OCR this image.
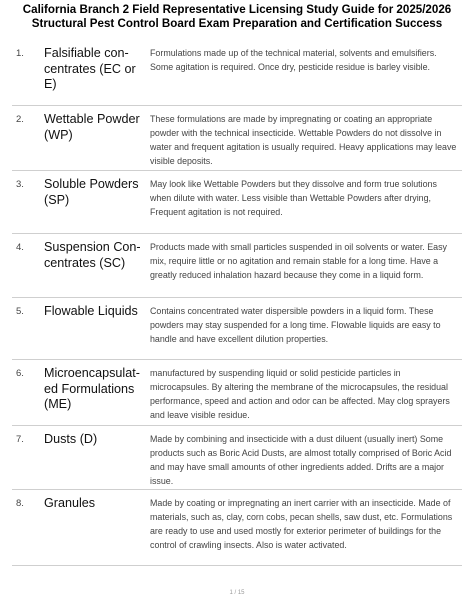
California Branch 2 Field Representative Licensing Study Guide for 2025/2026
Structural Pest Control Board Exam Preparation and Certification Success
1.	Falsifiable concentrates (EC or E)
Formulations made up of the technical material, solvents and emulsifiers. Some agitation is required. Once dry, pesticide residue is barley visible.
2.	Wettable Powder (WP)
These formulations are made by impregnating or coating an appropriate powder with the technical insecticide. Wettable Powders do not dissolve in water and frequent agitation is usually required. Heavy applications may leave visible deposits.
3.	Soluble Powders (SP)
May look like Wettable Powders but they dissolve and form true solutions when dilute with water. Less visible than Wettable Powders after drying, Frequent agitation is not required.
4.	Suspension Concentrates (SC)
Products made with small particles suspended in oil solvents or water. Easy mix, require little or no agitation and remain stable for a long time. Have a greatly reduced inhalation hazard because they come in a liquid form.
5.	Flowable Liquids	Contains concentrated water dispersible powders in a liquid form. These powders may stay suspended for a long time. Flowable liquids are easy to handle and have excellent dilution properties.
6.	Microencapsulated Formulations (ME)
manufactured by suspending liquid or solid pesticide particles in microcapsules. By altering the membrane of the microcapsules, the residual performance, speed and action and odor can be affected. May clog sprayers and leave visible residue.
7.	Dusts (D)	Made by combining and insecticide with a dust diluent (usually inert) Some products such as Boric Acid Dusts, are almost totally comprised of Boric Acid and may have small amounts of other ingredients added. Drifts are a major issue.
8.	Granules	Made by coating or impregnating an inert carrier with an insecticide. Made of materials, such as, clay, corn cobs, pecan shells, saw dust, etc. Formulations are ready to use and used mostly for exterior perimeter of buildings for the control of crawling insects. Also is water activated.
1 / 15
